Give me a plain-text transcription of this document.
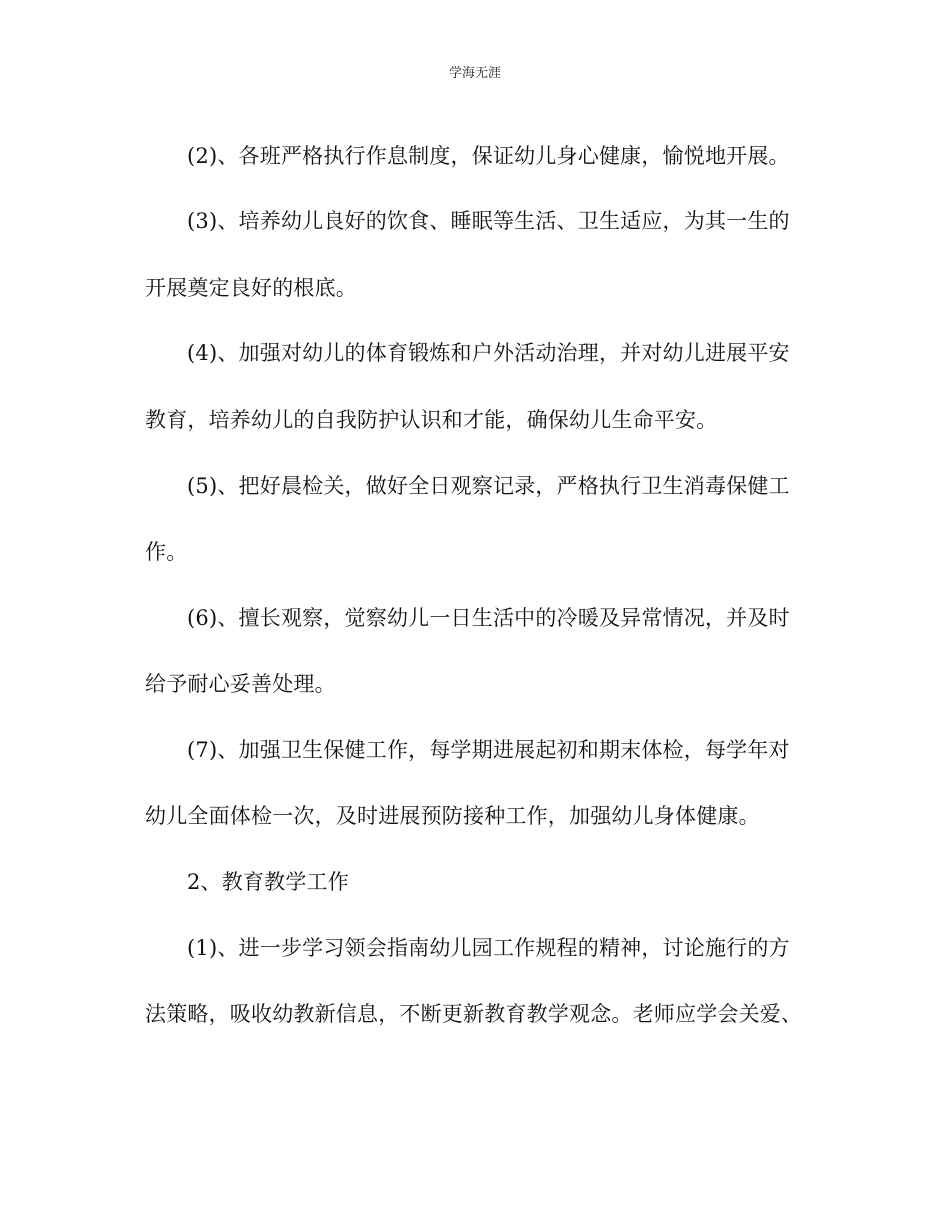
学海无涯
(2)、各班严格执行作息制度，保证幼儿身心健康，愉悦地开展。
(3)、培养幼儿良好的饮食、睡眠等生活、卫生适应，为其一生的
开展奠定良好的根底。
(4)、加强对幼儿的体育锻炼和户外活动治理，并对幼儿进展平安
教育，培养幼儿的自我防护认识和才能，确保幼儿生命平安。
(5)、把好晨检关，做好全日观察记录，严格执行卫生消毒保健工
作。
(6)、擅长观察，觉察幼儿一日生活中的冷暖及异常情况，并及时
给予耐心妥善处理。
(7)、加强卫生保健工作，每学期进展起初和期末体检，每学年对
幼儿全面体检一次，及时进展预防接种工作，加强幼儿身体健康。
2、教育教学工作
(1)、进一步学习领会指南幼儿园工作规程的精神，讨论施行的方
法策略，吸收幼教新信息，不断更新教育教学观念。老师应学会关爱、
